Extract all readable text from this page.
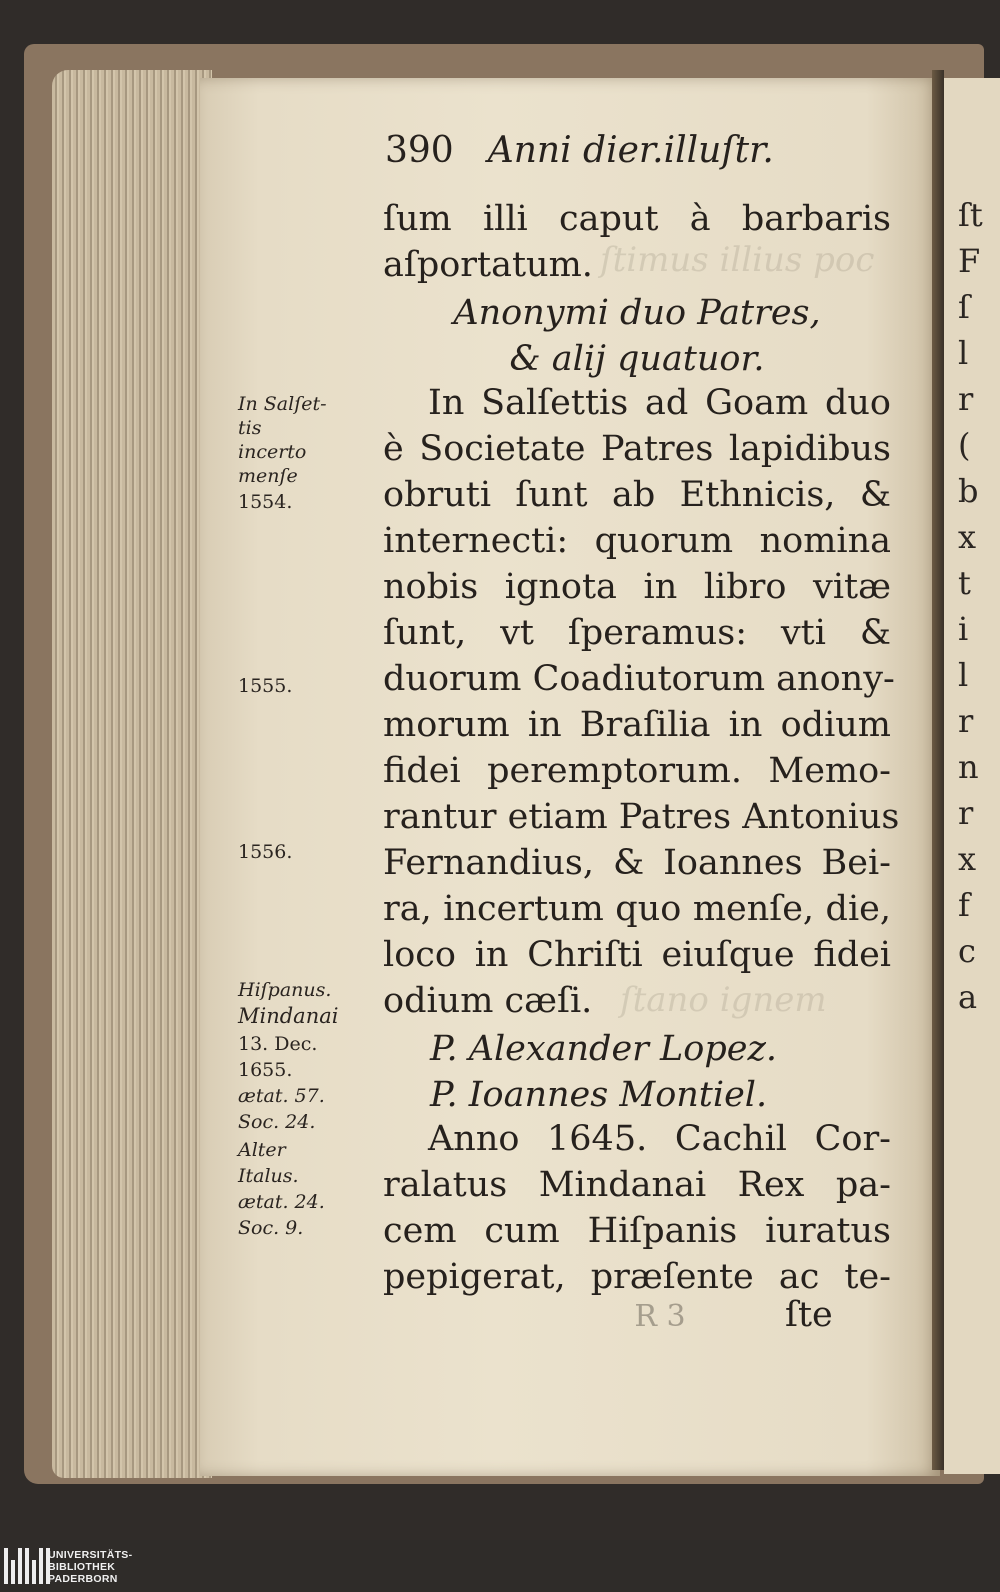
ſt
F
ſ
l
r
(
b
x
t
i
l
r
n
r
x
f
c
a
ſtimus illius poc
ſtano ignem
390 Anni dier.illuſtr.
ſum illi caput à barbaris
aſportatum.
Anonymi duo Patres,
& alij quatuor.
In Salſettis ad Goam duo
è Societate Patres lapidibus
obruti ſunt ab Ethnicis, &
internecti: quorum nomina
nobis ignota in libro vitæ
ſunt, vt ſperamus: vti &
duorum Coadiutorum anony-
morum in Braſilia in odium
fidei peremptorum. Memo-
rantur etiam Patres Antonius
Fernandius, & Ioannes Bei-
ra, incertum quo menſe, die,
loco in Chriſti eiuſque fidei
odium cæſi.
P. Alexander Lopez.
P. Ioannes Montiel.
Anno 1645. Cachil Cor-
ralatus Mindanai Rex pa-
cem cum Hiſpanis iuratus
pepigerat, præſente ac te-
R 3	ſte
In Salſet-
tis
incerto
menſe
1554.
1555.
1556.
Hiſpanus.
Mindanai
13. Dec.
1655.
ætat. 57.
Soc. 24.
Alter
Italus.
ætat. 24.
Soc. 9.
UNIVERSITÄTS-
BIBLIOTHEK
PADERBORN
